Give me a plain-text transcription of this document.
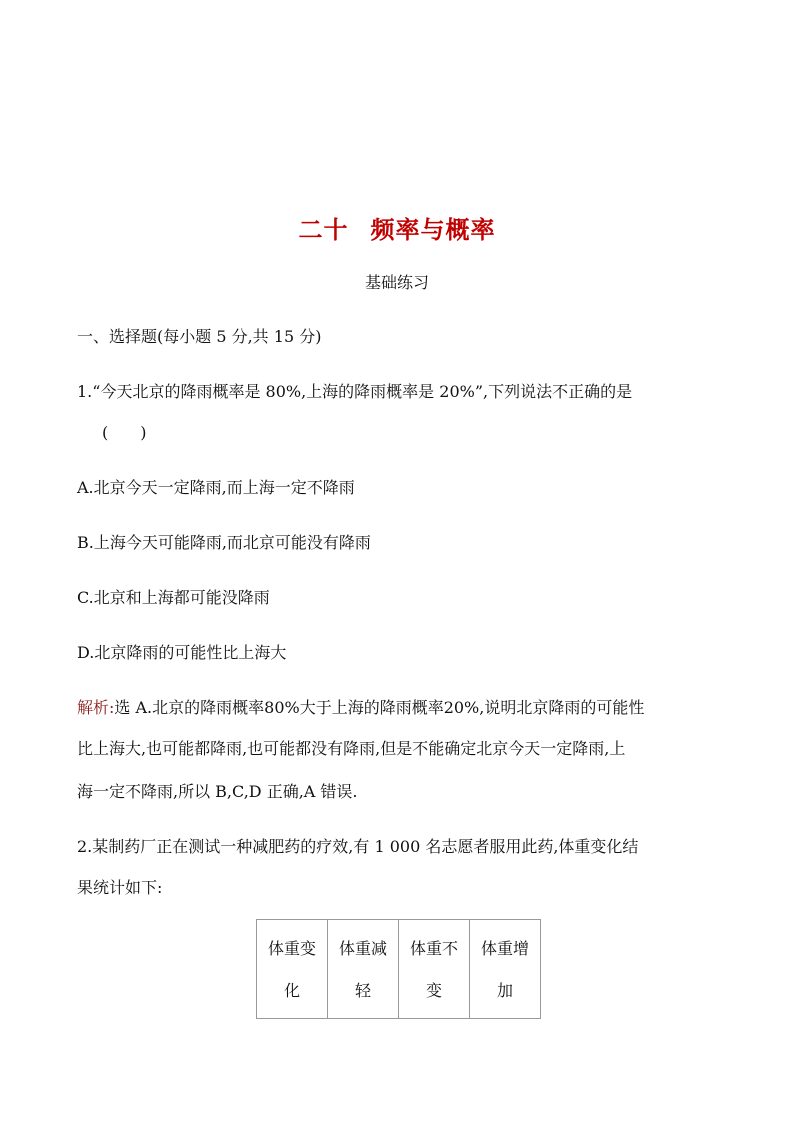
二十 频率与概率
基础练习
一、选择题(每小题 5 分,共 15 分)
1.“今天北京的降雨概率是 80%,上海的降雨概率是 20%”,下列说法不正确的是
(　　)
A.北京今天一定降雨,而上海一定不降雨
B.上海今天可能降雨,而北京可能没有降雨
C.北京和上海都可能没降雨
D.北京降雨的可能性比上海大
解析:选 A.北京的降雨概率80%大于上海的降雨概率20%,说明北京降雨的可能性
比上海大,也可能都降雨,也可能都没有降雨,但是不能确定北京今天一定降雨,上
海一定不降雨,所以 B,C,D 正确,A 错误.
2.某制药厂正在测试一种减肥药的疗效,有 1 000 名志愿者服用此药,体重变化结
果统计如下:
体重变
化	体重减
轻	体重不
变	体重增
加
